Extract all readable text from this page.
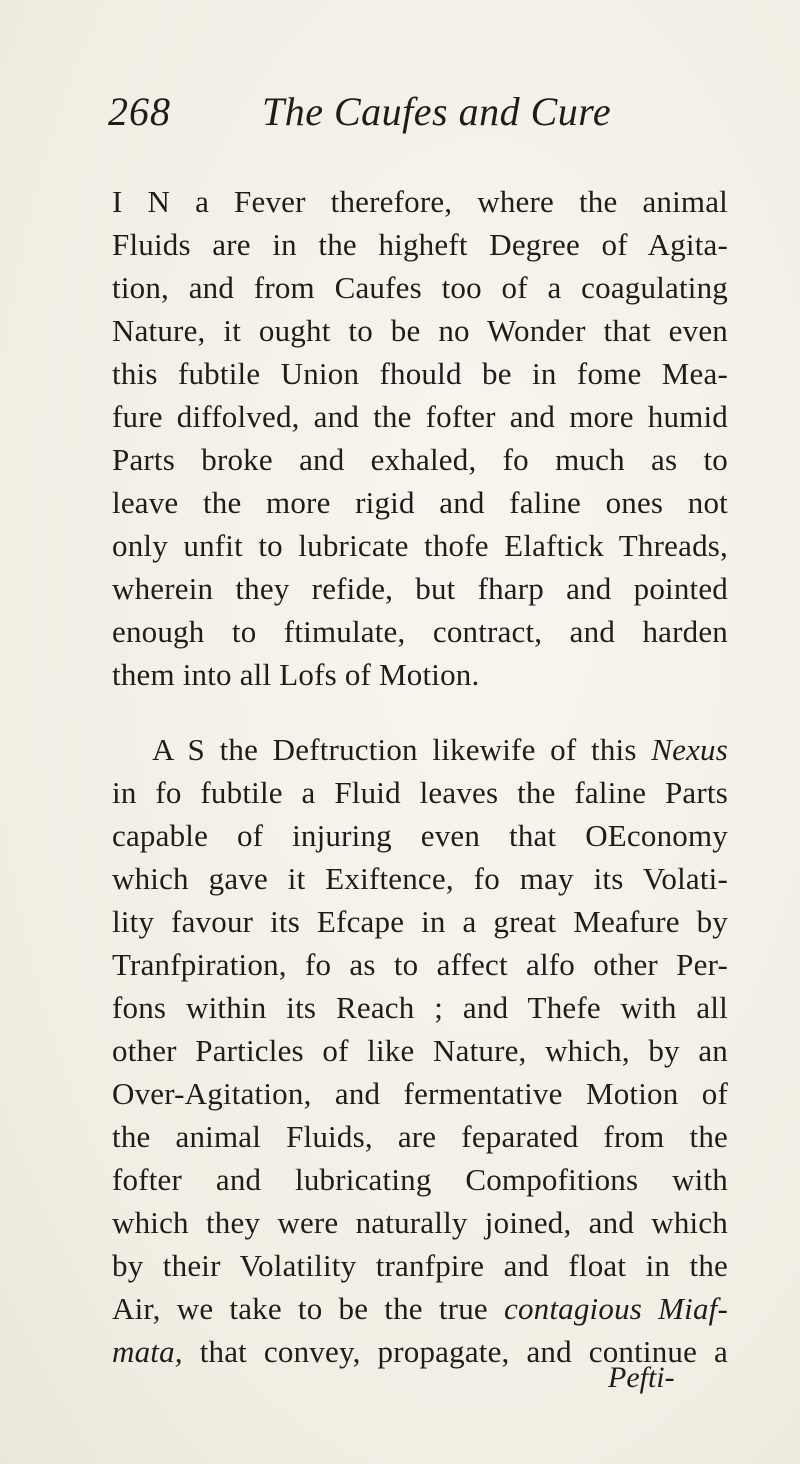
268 The Caufes and Cure
I N a Fever therefore, where the animal
Fluids are in the higheft Degree of Agita-
tion, and from Caufes too of a coagulating
Nature, it ought to be no Wonder that even
this fubtile Union fhould be in fome Mea-
fure diffolved, and the fofter and more humid
Parts broke and exhaled, fo much as to
leave the more rigid and faline ones not
only unfit to lubricate thofe Elaftick Threads,
wherein they refide, but fharp and pointed
enough to ftimulate, contract, and harden
them into all Lofs of Motion.
A S the Deftruction likewife of this Nexus
in fo fubtile a Fluid leaves the faline Parts
capable of injuring even that OEconomy
which gave it Exiftence, fo may its Volati-
lity favour its Efcape in a great Meafure by
Tranfpiration, fo as to affect alfo other Per-
fons within its Reach ; and Thefe with all
other Particles of like Nature, which, by an
Over-Agitation, and fermentative Motion of
the animal Fluids, are feparated from the
fofter and lubricating Compofitions with
which they were naturally joined, and which
by their Volatility tranfpire and float in the
Air, we take to be the true contagious Miaf-
mata, that convey, propagate, and continue a
Pefti-
